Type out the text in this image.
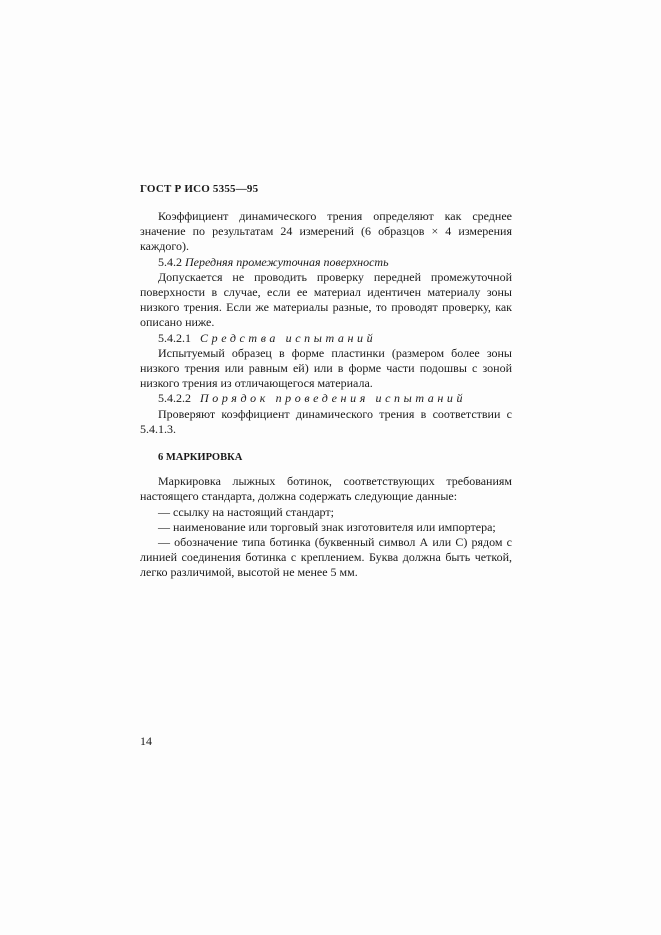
ГОСТ Р ИСО 5355—95

Коэффициент динамического трения определяют как среднее значение по результатам 24 измерений (6 образцов × 4 измерения каждого).

5.4.2 Передняя промежуточная поверхность

Допускается не проводить проверку передней промежуточной поверхности в случае, если ее материал идентичен материалу зоны низкого трения. Если же материалы разные, то проводят проверку, как описано ниже.

5.4.2.1 Средства испытаний

Испытуемый образец в форме пластинки (размером более зоны низкого трения или равным ей) или в форме части подошвы с зоной низкого трения из отличающегося материала.

5.4.2.2 Порядок проведения испытаний

Проверяют коэффициент динамического трения в соответствии с 5.4.1.3.

6 МАРКИРОВКА

Маркировка лыжных ботинок, соответствующих требованиям настоящего стандарта, должна содержать следующие данные:

— ссылку на настоящий стандарт;

— наименование или торговый знак изготовителя или импортера;

— обозначение типа ботинка (буквенный символ А или С) рядом с линией соединения ботинка с креплением. Буква должна быть четкой, легко различимой, высотой не менее 5 мм.

14
